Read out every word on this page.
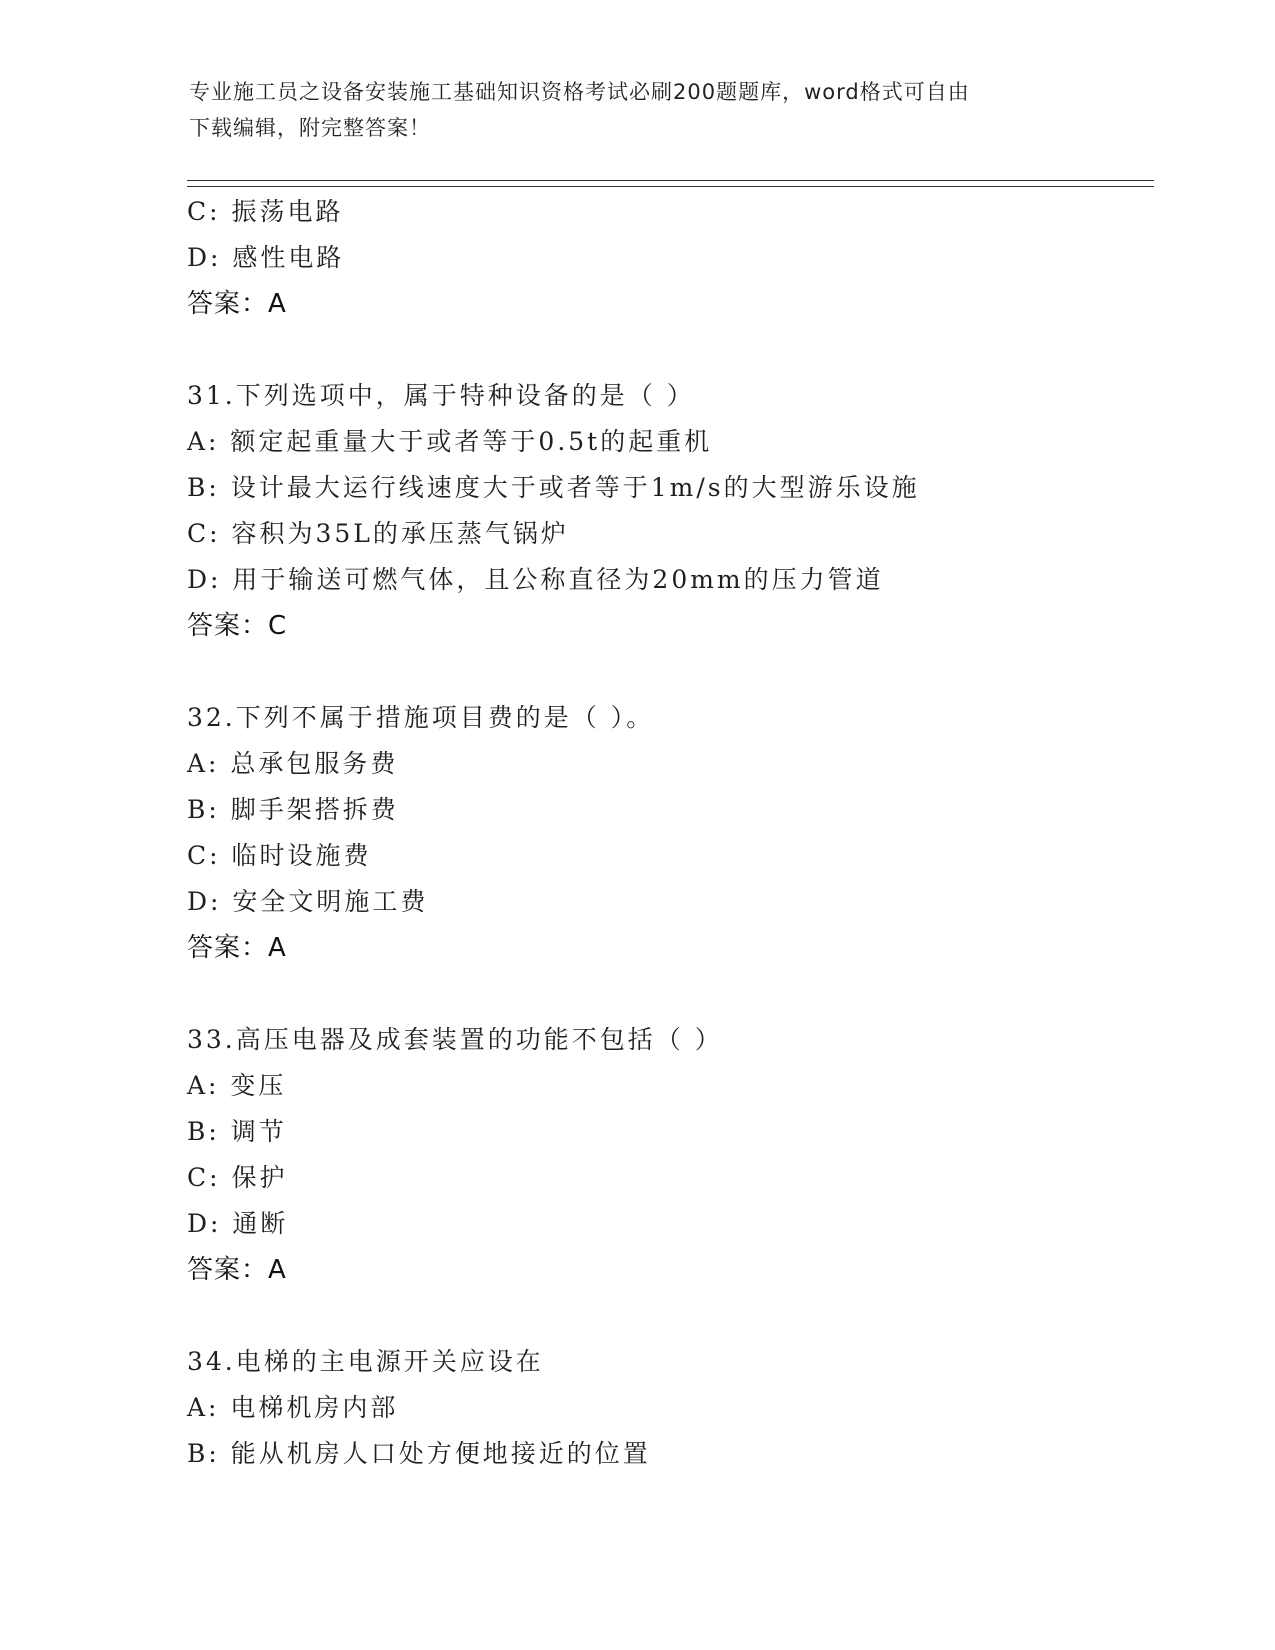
专业施工员之设备安装施工基础知识资格考试必刷200题题库，word格式可自由
下载编辑，附完整答案！
C: 振荡电路
D: 感性电路
答案：A
31.下列选项中，属于特种设备的是（ ）
A: 额定起重量大于或者等于0.5t的起重机
B: 设计最大运行线速度大于或者等于1m/s的大型游乐设施
C: 容积为35L的承压蒸气锅炉
D: 用于输送可燃气体，且公称直径为20mm的压力管道
答案：C
32.下列不属于措施项目费的是（ ）。
A: 总承包服务费
B: 脚手架搭拆费
C: 临时设施费
D: 安全文明施工费
答案：A
33.高压电器及成套装置的功能不包括（ ）
A: 变压
B: 调节
C: 保护
D: 通断
答案：A
34.电梯的主电源开关应设在
A: 电梯机房内部
B: 能从机房人口处方便地接近的位置
